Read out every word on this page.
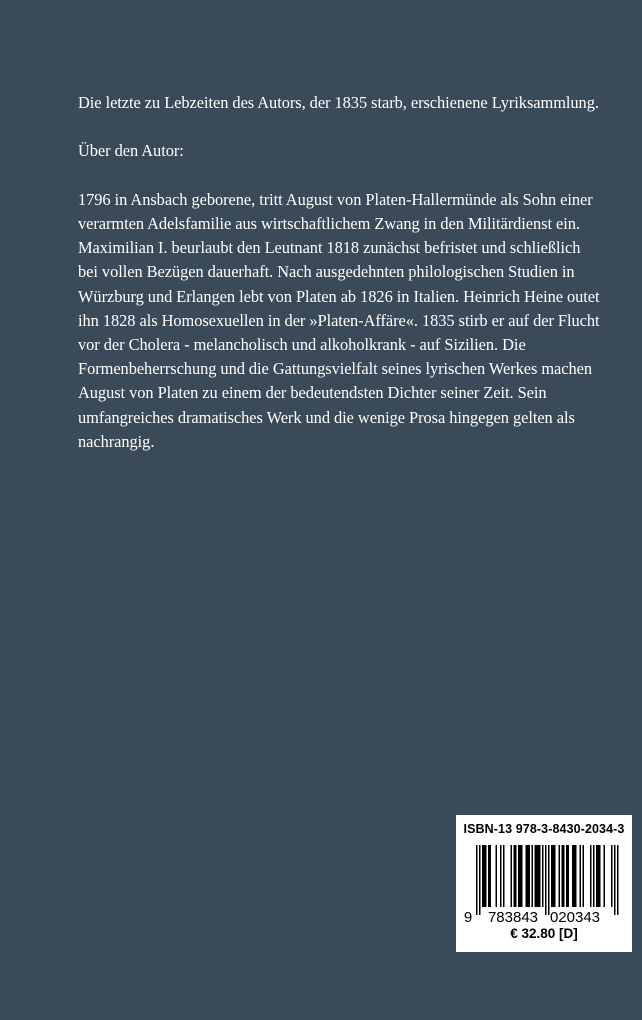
Die letzte zu Lebzeiten des Autors, der 1835 starb, erschienene Lyriksammlung.

Über den Autor:

1796 in Ansbach geborene, tritt August von Platen-Hallermünde als Sohn einer
verarmten Adelsfamilie aus wirtschaftlichem Zwang in den Militärdienst ein.
Maximilian I. beurlaubt den Leutnant 1818 zunächst befristet und schließlich
bei vollen Bezügen dauerhaft. Nach ausgedehnten philologischen Studien in
Würzburg und Erlangen lebt von Platen ab 1826 in Italien. Heinrich Heine outet
ihn 1828 als Homosexuellen in der »Platen-Affäre«. 1835 stirb er auf der Flucht
vor der Cholera - melancholisch und alkoholkrank - auf Sizilien. Die
Formenbeherrschung und die Gattungsvielfalt seines lyrischen Werkes machen
August von Platen zu einem der bedeutendsten Dichter seiner Zeit. Sein
umfangreiches dramatisches Werk und die wenige Prosa hingegen gelten als
nachrangig.

ISBN-13 978-3-8430-2034-3
9 783843 020343
€ 32.80 [D]
